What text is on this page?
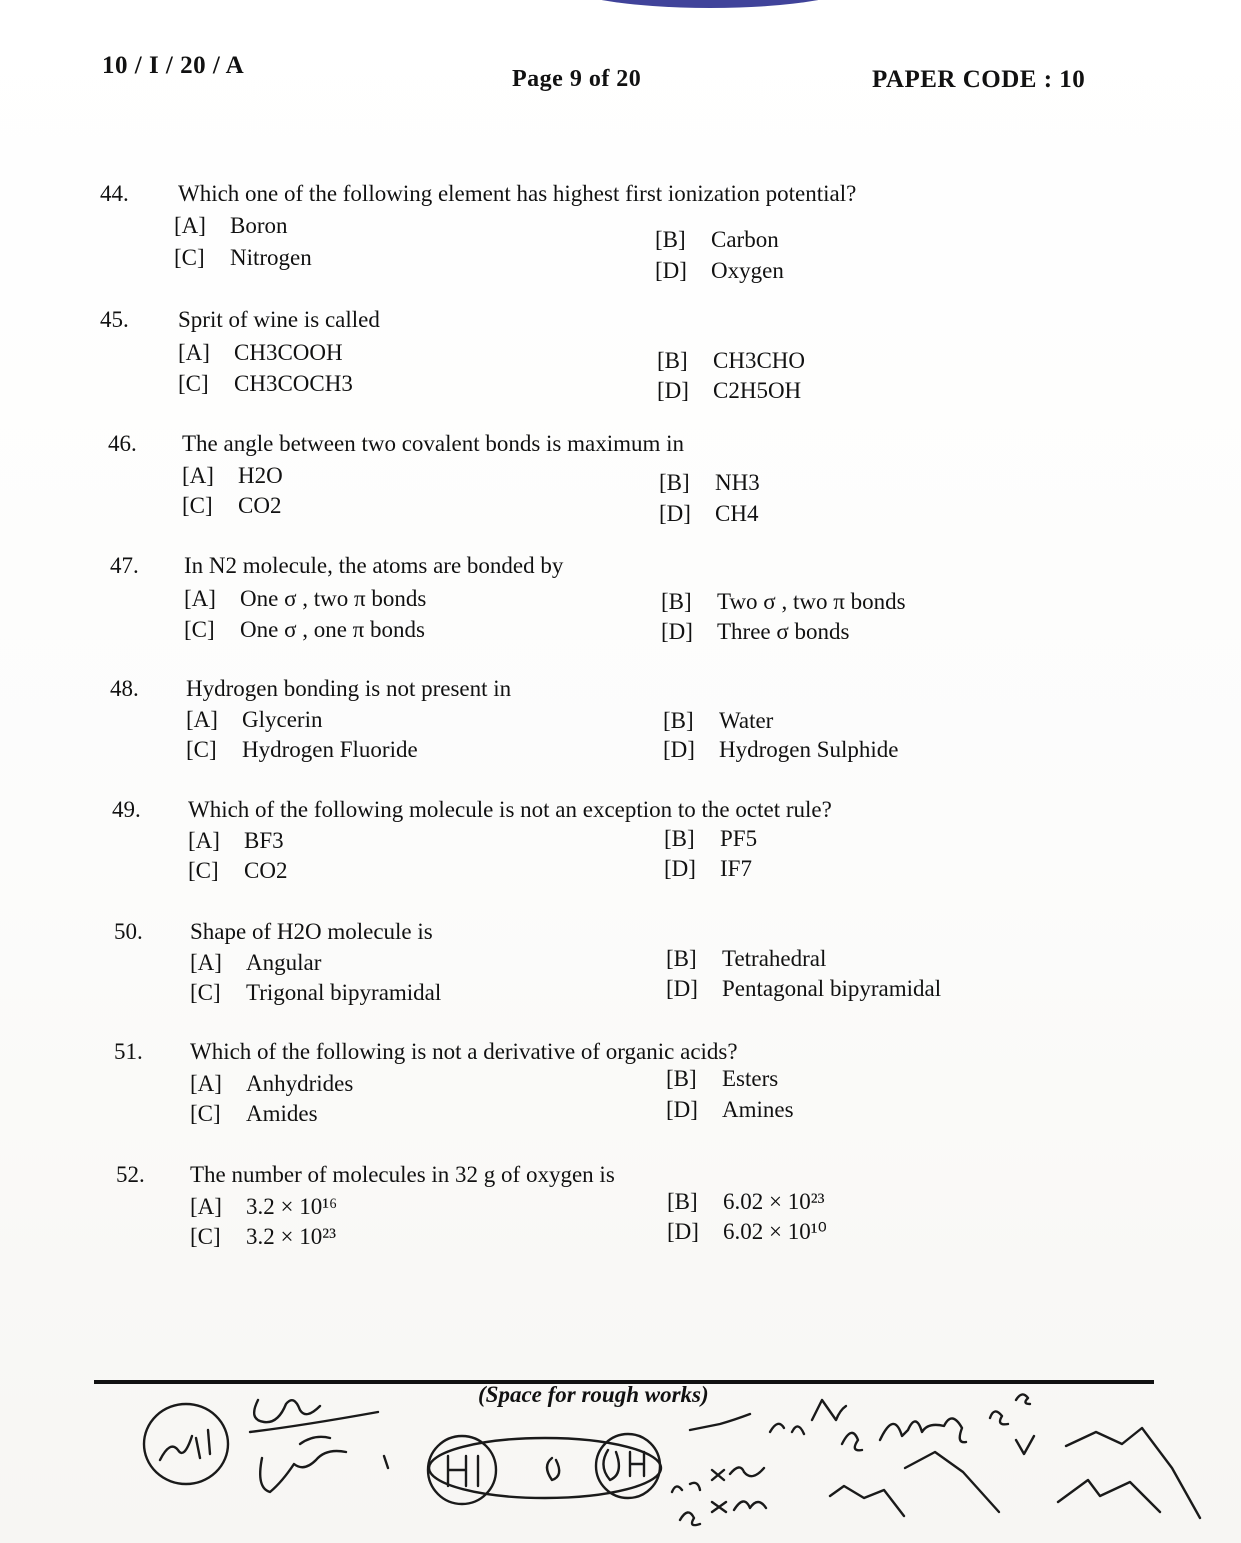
10 / I / 20 / A	Page 9 of 20	PAPER CODE : 10
44.	Which one of the following element has highest first ionization potential?
[A] Boron
[B] Carbon
[C] Nitrogen
[D] Oxygen
45.	Sprit of wine is called
[A] CH3COOH	[B] CH3CHO
[C] CH3COCH3	[D] C2H5OH
46.	The angle between two covalent bonds is maximum in
[A] H2O	[B] NH3
[C] CO2	[D] CH4
47.	In N2 molecule, the atoms are bonded by
[A] One σ , two π bonds	[B] Two σ , two π bonds
[C] One σ , one π bonds	[D] Three σ bonds
48.	Hydrogen bonding is not present in
[A] Glycerin	[B] Water
[C] Hydrogen Fluoride	[D] Hydrogen Sulphide
49.	Which of the following molecule is not an exception to the octet rule?
[A] BF3	[B] PF5
[C] CO2	[D] IF7
50.	Shape of H2O molecule is
[A] Angular	[B] Tetrahedral
[C] Trigonal bipyramidal	[D] Pentagonal bipyramidal
51.	Which of the following is not a derivative of organic acids?
[A] Anhydrides	[B] Esters
[C] Amides	[D] Amines
52.	The number of molecules in 32 g of oxygen is
[A] 3.2 × 10¹⁶	[B] 6.02 × 10²³
[C] 3.2 × 10²³	[D] 6.02 × 10¹⁰
(Space for rough works)
